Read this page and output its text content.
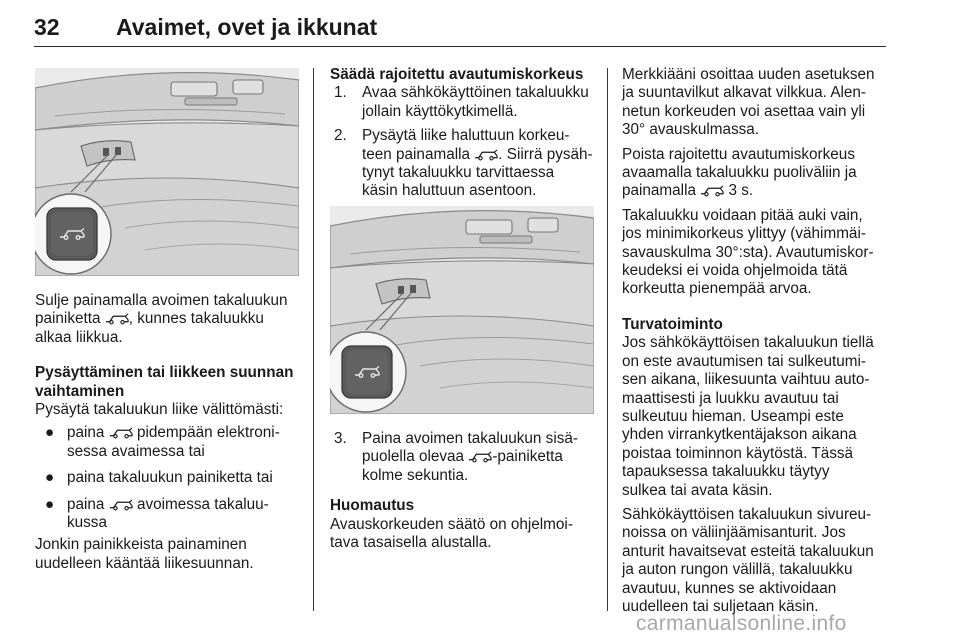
32 Avaimet, ovet ja ikkunat

Sulje painamalla avoimen takaluukun
painiketta , kunnes takaluukku
alkaa liikkua.

Pysäyttäminen tai liikkeen suunnan
vaihtaminen

Pysäytä takaluukun liike välittömästi:

● paina pidempään elektroni-
sessa avaimessa tai
● paina takaluukun painiketta tai
● paina avoimessa takaluu-
kussa

Jonkin painikkeista painaminen
uudelleen kääntää liikesuunnan.

Säädä rajoitettu avautumiskorkeus

1. Avaa sähkökäyttöinen takaluukku
jollain käyttökytkimellä.
2. Pysäytä liike haluttuun korkeu-
teen painamalla . Siirrä pysäh-
tynyt takaluukku tarvittaessa
käsin haluttuun asentoon.
3. Paina avoimen takaluukun sisä-
puolella olevaa -painiketta
kolme sekuntia.

Huomautus

Avauskorkeuden säätö on ohjelmoi-
tava tasaisella alustalla.

Merkkiääni osoittaa uuden asetuksen
ja suuntavilkut alkavat vilkkua. Alen-
netun korkeuden voi asettaa vain yli
30° avauskulmassa.

Poista rajoitettu avautumiskorkeus
avaamalla takaluukku puoliväliin ja
painamalla 3 s.

Takaluukku voidaan pitää auki vain,
jos minimikorkeus ylittyy (vähimmäi-
savauskulma 30°:sta). Avautumiskor-
keudeksi ei voida ohjelmoida tätä
korkeutta pienempää arvoa.

Turvatoiminto

Jos sähkökäyttöisen takaluukun tiellä
on este avautumisen tai sulkeutumi-
sen aikana, liikesuunta vaihtuu auto-
maattisesti ja luukku avautuu tai
sulkeutuu hieman. Useampi este
yhden virrankytkentäjakson aikana
poistaa toiminnon käytöstä. Tässä
tapauksessa takaluukku täytyy
sulkea tai avata käsin.

Sähkökäyttöisen takaluukun sivureu-
noissa on väliinjäämisanturit. Jos
anturit havaitsevat esteitä takaluukun
ja auton rungon välillä, takaluukku
avautuu, kunnes se aktivoidaan
uudelleen tai suljetaan käsin.

carmanualsonline.info
